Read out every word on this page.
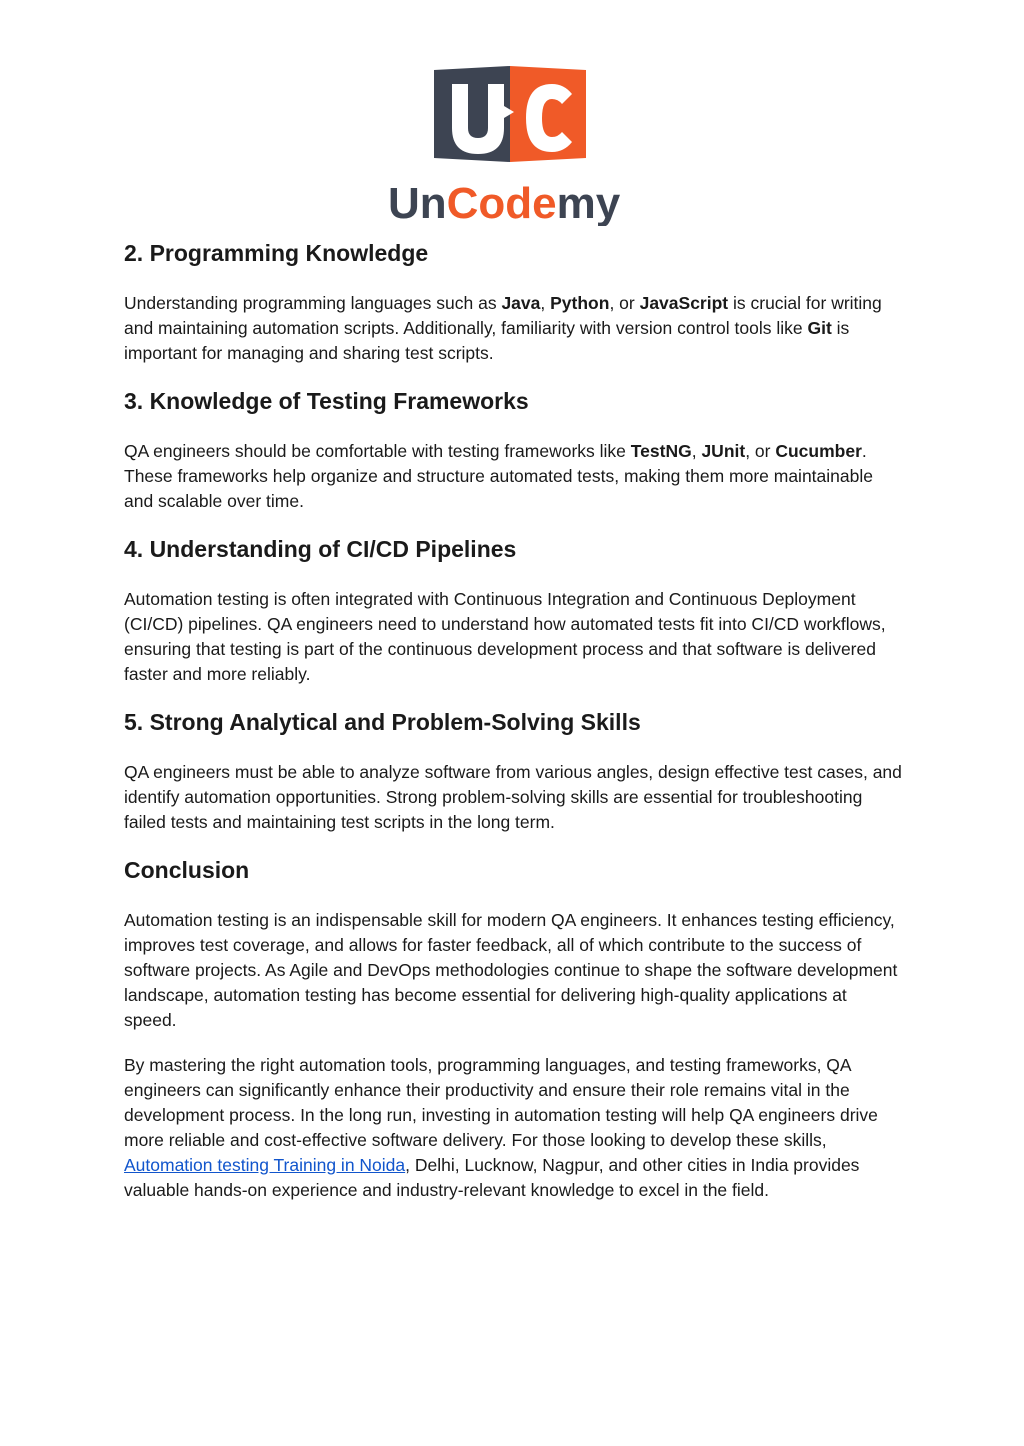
UnCodemy
2. Programming Knowledge

Understanding programming languages such as Java, Python, or JavaScript is crucial for writing and maintaining automation scripts. Additionally, familiarity with version control tools like Git is important for managing and sharing test scripts.

3. Knowledge of Testing Frameworks

QA engineers should be comfortable with testing frameworks like TestNG, JUnit, or Cucumber. These frameworks help organize and structure automated tests, making them more maintainable and scalable over time.

4. Understanding of CI/CD Pipelines

Automation testing is often integrated with Continuous Integration and Continuous Deployment (CI/CD) pipelines. QA engineers need to understand how automated tests fit into CI/CD workflows, ensuring that testing is part of the continuous development process and that software is delivered faster and more reliably.

5. Strong Analytical and Problem-Solving Skills

QA engineers must be able to analyze software from various angles, design effective test cases, and identify automation opportunities. Strong problem-solving skills are essential for troubleshooting failed tests and maintaining test scripts in the long term.

Conclusion

Automation testing is an indispensable skill for modern QA engineers. It enhances testing efficiency, improves test coverage, and allows for faster feedback, all of which contribute to the success of software projects. As Agile and DevOps methodologies continue to shape the software development landscape, automation testing has become essential for delivering high-quality applications at speed.

By mastering the right automation tools, programming languages, and testing frameworks, QA engineers can significantly enhance their productivity and ensure their role remains vital in the development process. In the long run, investing in automation testing will help QA engineers drive more reliable and cost-effective software delivery. For those looking to develop these skills, Automation testing Training in Noida, Delhi, Lucknow, Nagpur, and other cities in India provides valuable hands-on experience and industry-relevant knowledge to excel in the field.
